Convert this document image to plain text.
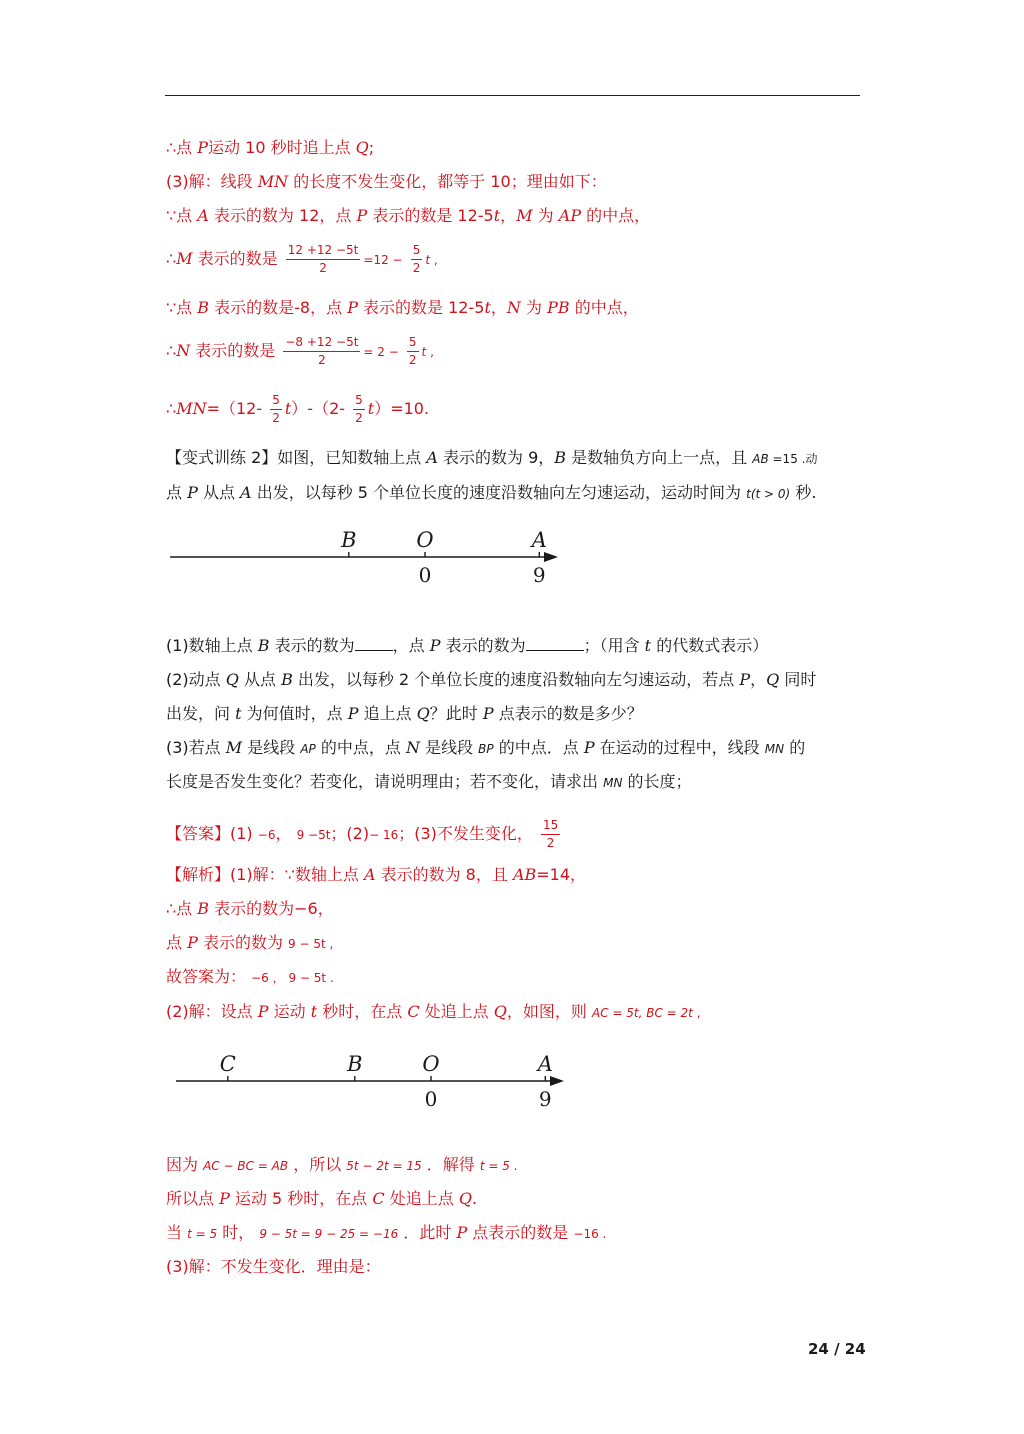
∴点 P运动 10 秒时追上点 Q;
(3)解：线段 MN 的长度不发生变化，都等于 10；理由如下：
∵点 A 表示的数为 12，点 P 表示的数是 12-5t，M 为 AP 的中点，
∴M 表示的数是 $\frac{12 +12 -5t}{2} =12 - \frac{5}{2}$ t ,
∵点 B 表示的数是-8，点 P 表示的数是 12-5t，N 为 PB 的中点，
∴N 表示的数是 $\frac{-8 +12 -5t}{2} = 2 - \frac{5}{2}$ t ,
∴MN=（12- $\frac{5}{2} t)-(2- \frac{5}{2} t)=10$.
【变式训练 2】如图，已知数轴上点 A 表示的数为 9，B 是数轴负方向上一点，且 AB =15 .动
点 P 从点 A 出发，以每秒 5 个单位长度的速度沿数轴向左匀速运动，运动时间为 t(t > 0) 秒.
B	O	A
0	9
(1)数轴上点 B 表示的数为 ，点 P 表示的数为	；（用含 t 的代数式表示）
(2)动点 Q 从点 B 出发，以每秒 2 个单位长度的速度沿数轴向左匀速运动，若点 P，Q 同时
出发，问 t 为何值时，点 P 追上点 Q？此时 P 点表示的数是多少？
(3)若点 M 是线段 AP 的中点，点 N 是线段 BP 的中点．点 P 在运动的过程中，线段 MN 的
长度是否发生变化？若变化，请说明理由；若不变化，请求出 MN 的长度；
【答案】(1) −6， 9 −5t；(2)− 16；(3)不发生变化， $\frac{15}{2}$
【解析】(1)解：∵数轴上点 A 表示的数为 8，且 AB=14，
∴点 B 表示的数为−6，
点 P 表示的数为 9 − 5t ,
故答案为： −6 ， 9 − 5t .
(2)解：设点 P 运动 t 秒时，在点 C 处追上点 Q，如图，则 AC = 5t, BC = 2t ,
C	B	O	A
0	9
因为 AC − BC = AB ，所以 5t − 2t = 15 ．解得 t = 5 .
所以点 P 运动 5 秒时，在点 C 处追上点 Q.
当 t = 5 时， 9 − 5t = 9 − 25 = −16 ．此时 P 点表示的数是 −16 .
(3)解：不发生变化．理由是：
24 / 24
